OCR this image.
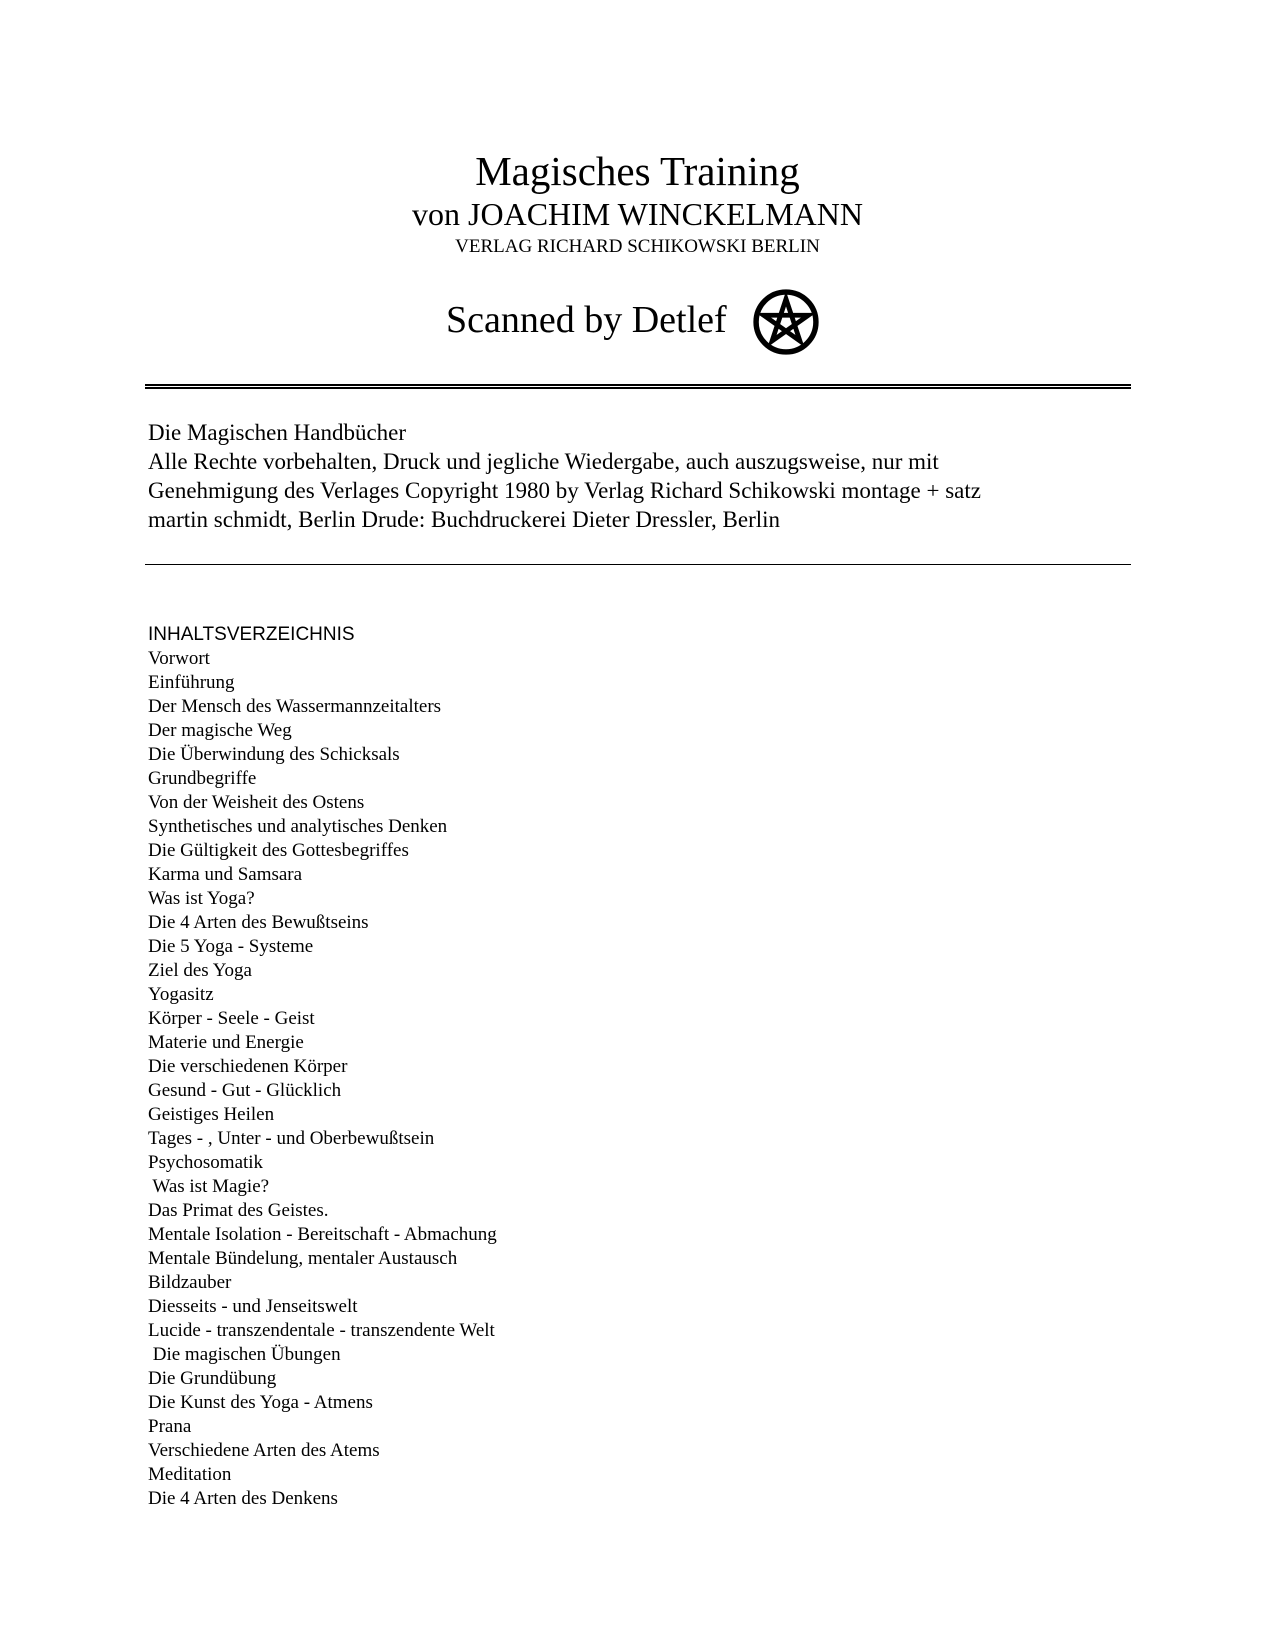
Magisches Training
von JOACHIM WINCKELMANN
VERLAG RICHARD SCHIKOWSKI BERLIN
Scanned by Detlef
Die Magischen Handbücher
Alle Rechte vorbehalten, Druck und jegliche Wiedergabe, auch auszugsweise, nur mit
Genehmigung des Verlages Copyright 1980 by Verlag Richard Schikowski montage + satz
martin schmidt, Berlin Drude: Buchdruckerei Dieter Dressler, Berlin
INHALTSVERZEICHNIS
Vorwort
Einführung
Der Mensch des Wassermannzeitalters
Der magische Weg
Die Überwindung des Schicksals
Grundbegriffe
Von der Weisheit des Ostens
Synthetisches und analytisches Denken
Die Gültigkeit des Gottesbegriffes
Karma und Samsara
Was ist Yoga?
Die 4 Arten des Bewußtseins
Die 5 Yoga - Systeme
Ziel des Yoga
Yogasitz
Körper - Seele - Geist
Materie und Energie
Die verschiedenen Körper
Gesund - Gut - Glücklich
Geistiges Heilen
Tages - , Unter - und Oberbewußtsein
Psychosomatik
Was ist Magie?
Das Primat des Geistes.
Mentale Isolation - Bereitschaft - Abmachung
Mentale Bündelung, mentaler Austausch
Bildzauber
Diesseits - und Jenseitswelt
Lucide - transzendentale - transzendente Welt
Die magischen Übungen
Die Grundübung
Die Kunst des Yoga - Atmens
Prana
Verschiedene Arten des Atems
Meditation
Die 4 Arten des Denkens
